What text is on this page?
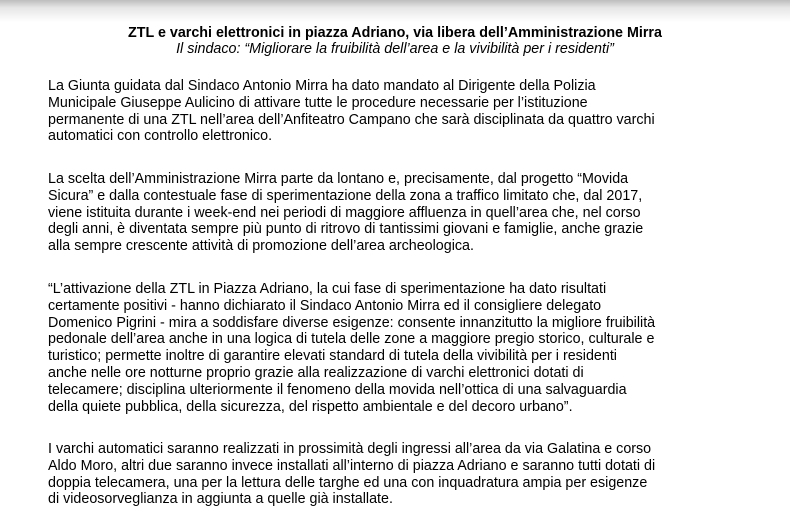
ZTL e varchi elettronici in piazza Adriano, via libera dell’Amministrazione Mirra

Il sindaco: “Migliorare la fruibilità dell’area e la vivibilità per i residenti”

La Giunta guidata dal Sindaco Antonio Mirra ha dato mandato al Dirigente della Polizia
Municipale Giuseppe Aulicino di attivare tutte le procedure necessarie per l’istituzione
permanente di una ZTL nell’area dell’Anfiteatro Campano che sarà disciplinata da quattro varchi
automatici con controllo elettronico.

La scelta dell’Amministrazione Mirra parte da lontano e, precisamente, dal progetto “Movida
Sicura” e dalla contestuale fase di sperimentazione della zona a traffico limitato che, dal 2017,
viene istituita durante i week-end nei periodi di maggiore affluenza in quell’area che, nel corso
degli anni, è diventata sempre più punto di ritrovo di tantissimi giovani e famiglie, anche grazie
alla sempre crescente attività di promozione dell’area archeologica.

“L’attivazione della ZTL in Piazza Adriano, la cui fase di sperimentazione ha dato risultati
certamente positivi - hanno dichiarato il Sindaco Antonio Mirra ed il consigliere delegato
Domenico Pigrini - mira a soddisfare diverse esigenze: consente innanzitutto la migliore fruibilità
pedonale dell’area anche in una logica di tutela delle zone a maggiore pregio storico, culturale e
turistico; permette inoltre di garantire elevati standard di tutela della vivibilità per i residenti
anche nelle ore notturne proprio grazie alla realizzazione di varchi elettronici dotati di
telecamere; disciplina ulteriormente il fenomeno della movida nell’ottica di una salvaguardia
della quiete pubblica, della sicurezza, del rispetto ambientale e del decoro urbano”.

I varchi automatici saranno realizzati in prossimità degli ingressi all’area da via Galatina e corso
Aldo Moro, altri due saranno invece installati all’interno di piazza Adriano e saranno tutti dotati di
doppia telecamera, una per la lettura delle targhe ed una con inquadratura ampia per esigenze
di videosorveglianza in aggiunta a quelle già installate.
